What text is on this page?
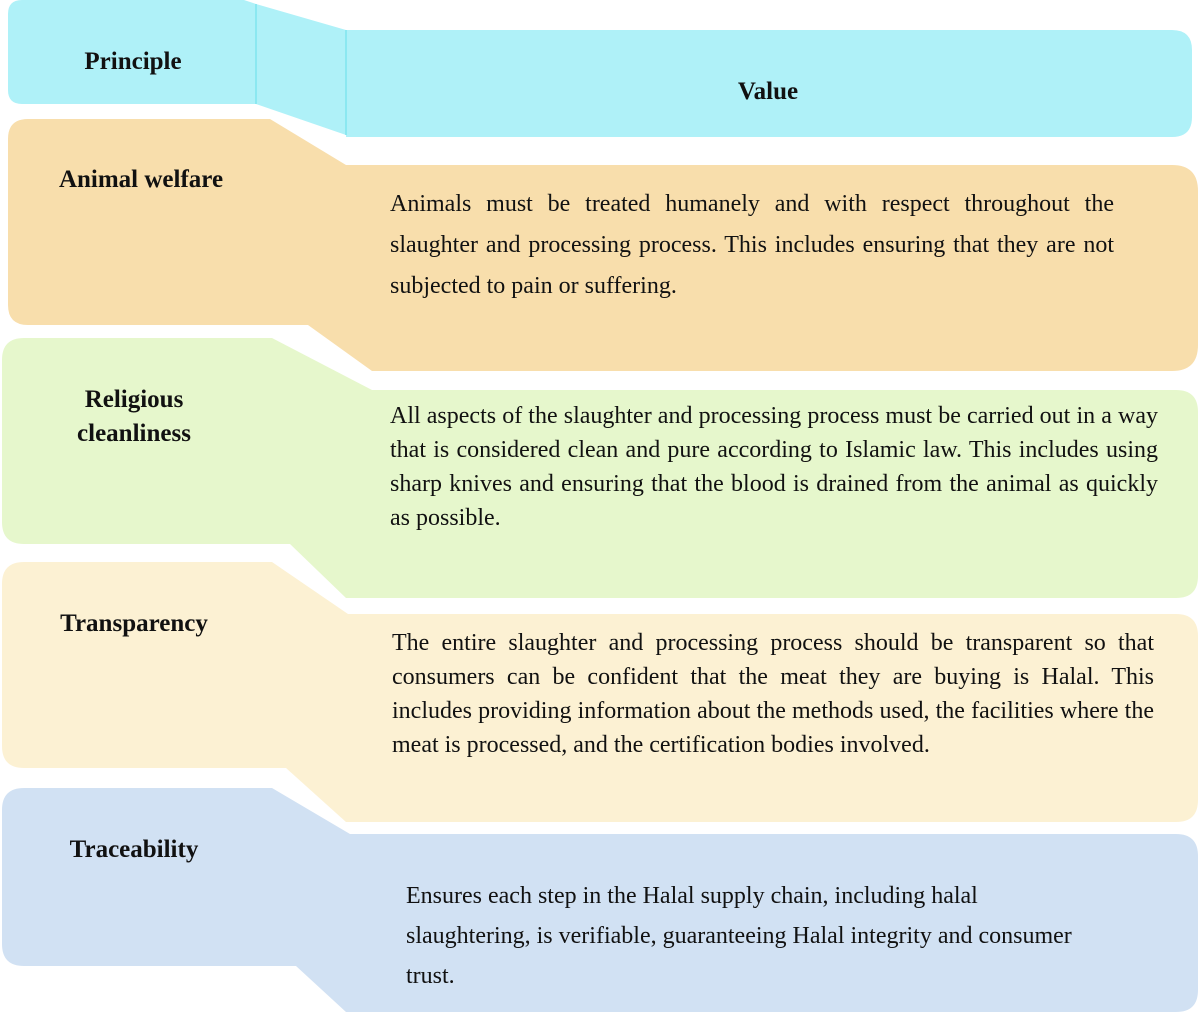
Principle
Value
Animal welfare
Animals must be treated humanely and with respect throughout the slaughter and processing process. This includes ensuring that they are not subjected to pain or suffering.
Religious
cleanliness
All aspects of the slaughter and processing process must be carried out in a way that is considered clean and pure according to Islamic law. This includes using sharp knives and ensuring that the blood is drained from the animal as quickly as possible.
Transparency
The entire slaughter and processing process should be transparent so that consumers can be confident that the meat they are buying is Halal. This includes providing information about the methods used, the facilities where the meat is processed, and the certification bodies involved.
Traceability
Ensures each step in the Halal supply chain, including halal slaughtering, is verifiable, guaranteeing Halal integrity and consumer trust.
